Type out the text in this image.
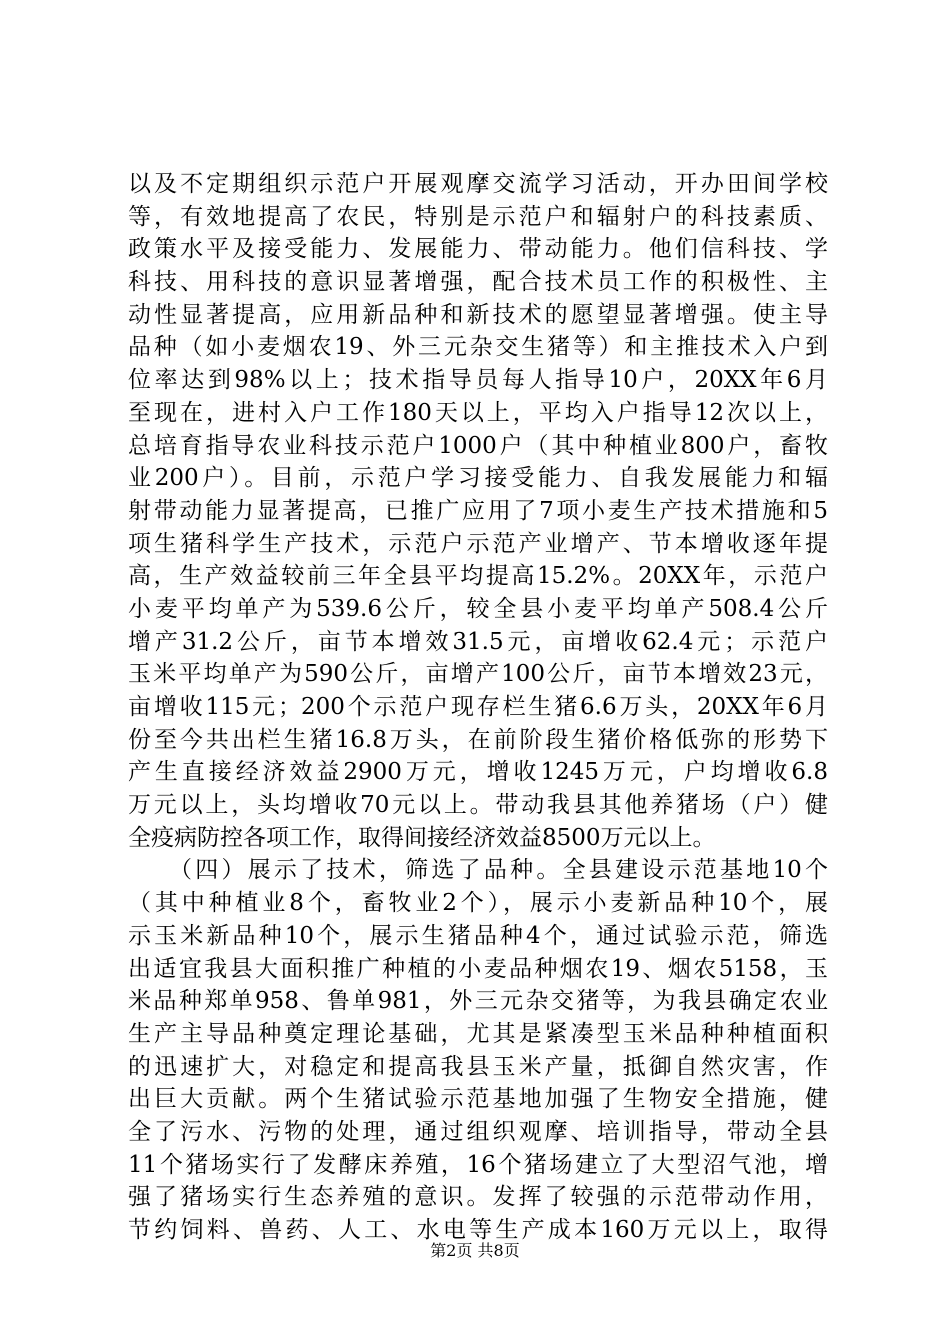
以及不定期组织示范户开展观摩交流学习活动，开办田间学校
等，有效地提高了农民，特别是示范户和辐射户的科技素质、
政策水平及接受能力、发展能力、带动能力。他们信科技、学
科技、用科技的意识显著增强，配合技术员工作的积极性、主
动性显著提高，应用新品种和新技术的愿望显著增强。使主导
品种（如小麦烟农19、外三元杂交生猪等）和主推技术入户到
位率达到98%以上；技术指导员每人指导10户，20XX年6月
至现在，进村入户工作180天以上，平均入户指导12次以上，
总培育指导农业科技示范户1000户（其中种植业800户，畜牧
业200户）。目前，示范户学习接受能力、自我发展能力和辐
射带动能力显著提高，已推广应用了7项小麦生产技术措施和5
项生猪科学生产技术，示范户示范产业增产、节本增收逐年提
高，生产效益较前三年全县平均提高15.2%。20XX年，示范户
小麦平均单产为539.6公斤，较全县小麦平均单产508.4公斤
增产31.2公斤，亩节本增效31.5元，亩增收62.4元；示范户
玉米平均单产为590公斤，亩增产100公斤，亩节本增效23元，
亩增收115元；200个示范户现存栏生猪6.6万头，20XX年6月
份至今共出栏生猪16.8万头，在前阶段生猪价格低弥的形势下
产生直接经济效益2900万元，增收1245万元，户均增收6.8
万元以上，头均增收70元以上。带动我县其他养猪场（户）健
全疫病防控各项工作，取得间接经济效益8500万元以上。
　　（四）展示了技术，筛选了品种。全县建设示范基地10个
（其中种植业8个，畜牧业2个），展示小麦新品种10个，展
示玉米新品种10个，展示生猪品种4个，通过试验示范，筛选
出适宜我县大面积推广种植的小麦品种烟农19、烟农5158，玉
米品种郑单958、鲁单981，外三元杂交猪等，为我县确定农业
生产主导品种奠定理论基础，尤其是紧凑型玉米品种种植面积
的迅速扩大，对稳定和提高我县玉米产量，抵御自然灾害，作
出巨大贡献。两个生猪试验示范基地加强了生物安全措施，健
全了污水、污物的处理，通过组织观摩、培训指导，带动全县
11个猪场实行了发酵床养殖，16个猪场建立了大型沼气池，增
强了猪场实行生态养殖的意识。发挥了较强的示范带动作用，
节约饲料、兽药、人工、水电等生产成本160万元以上，取得
第2页 共8页
